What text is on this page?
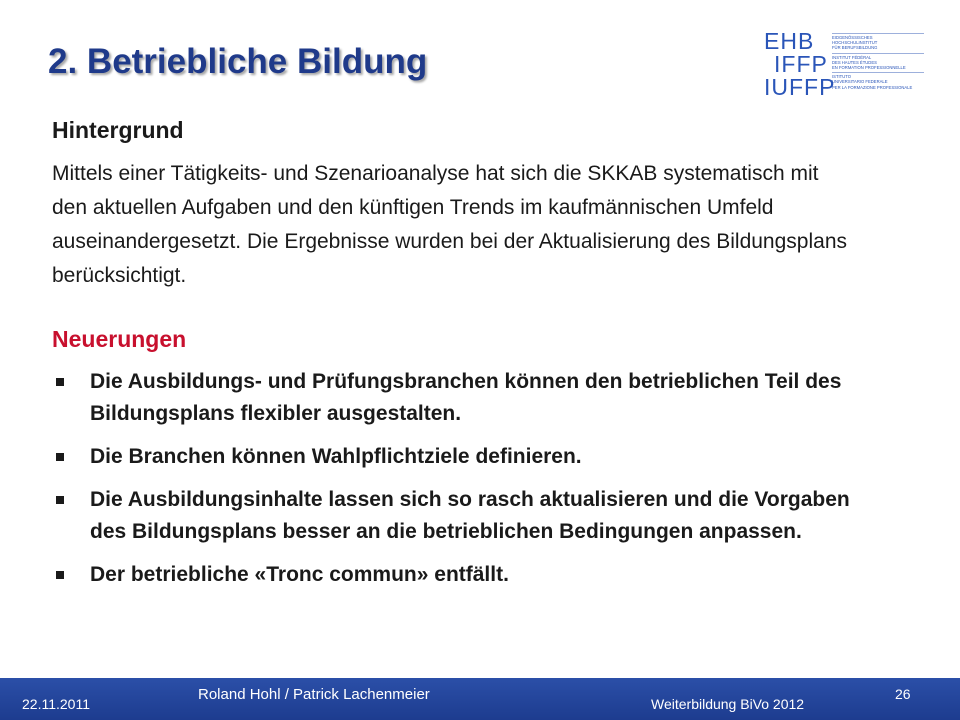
2. Betriebliche Bildung
EHB
IFFP
IUFFP
EIDGENÖSSISCHES
HOCHSCHULINSTITUT
FÜR BERUFSBILDUNG
INSTITUT FÉDÉRAL
DES HAUTES ÉTUDES
EN FORMATION PROFESSIONNELLE
ISTITUTO
UNIVERSITARIO FEDERALE
PER LA FORMAZIONE PROFESSIONALE
Hintergrund

Mittels einer Tätigkeits- und Szenarioanalyse hat sich die SKKAB systematisch mit den aktuellen Aufgaben und den künftigen Trends im kaufmännischen Umfeld auseinandergesetzt. Die Ergebnisse wurden bei der Aktualisierung des Bildungsplans berücksichtigt.

Neuerungen
Die Ausbildungs- und Prüfungsbranchen können den betrieblichen Teil des Bildungsplans flexibler ausgestalten.
Die Branchen können Wahlpflichtziele definieren.
Die Ausbildungsinhalte lassen sich so rasch aktualisieren und die Vorgaben des Bildungsplans besser an die betrieblichen Bedingungen anpassen.
Der betriebliche «Tronc commun» entfällt.
22.11.2011
Roland Hohl / Patrick Lachenmeier
Weiterbildung BiVo 2012
26
